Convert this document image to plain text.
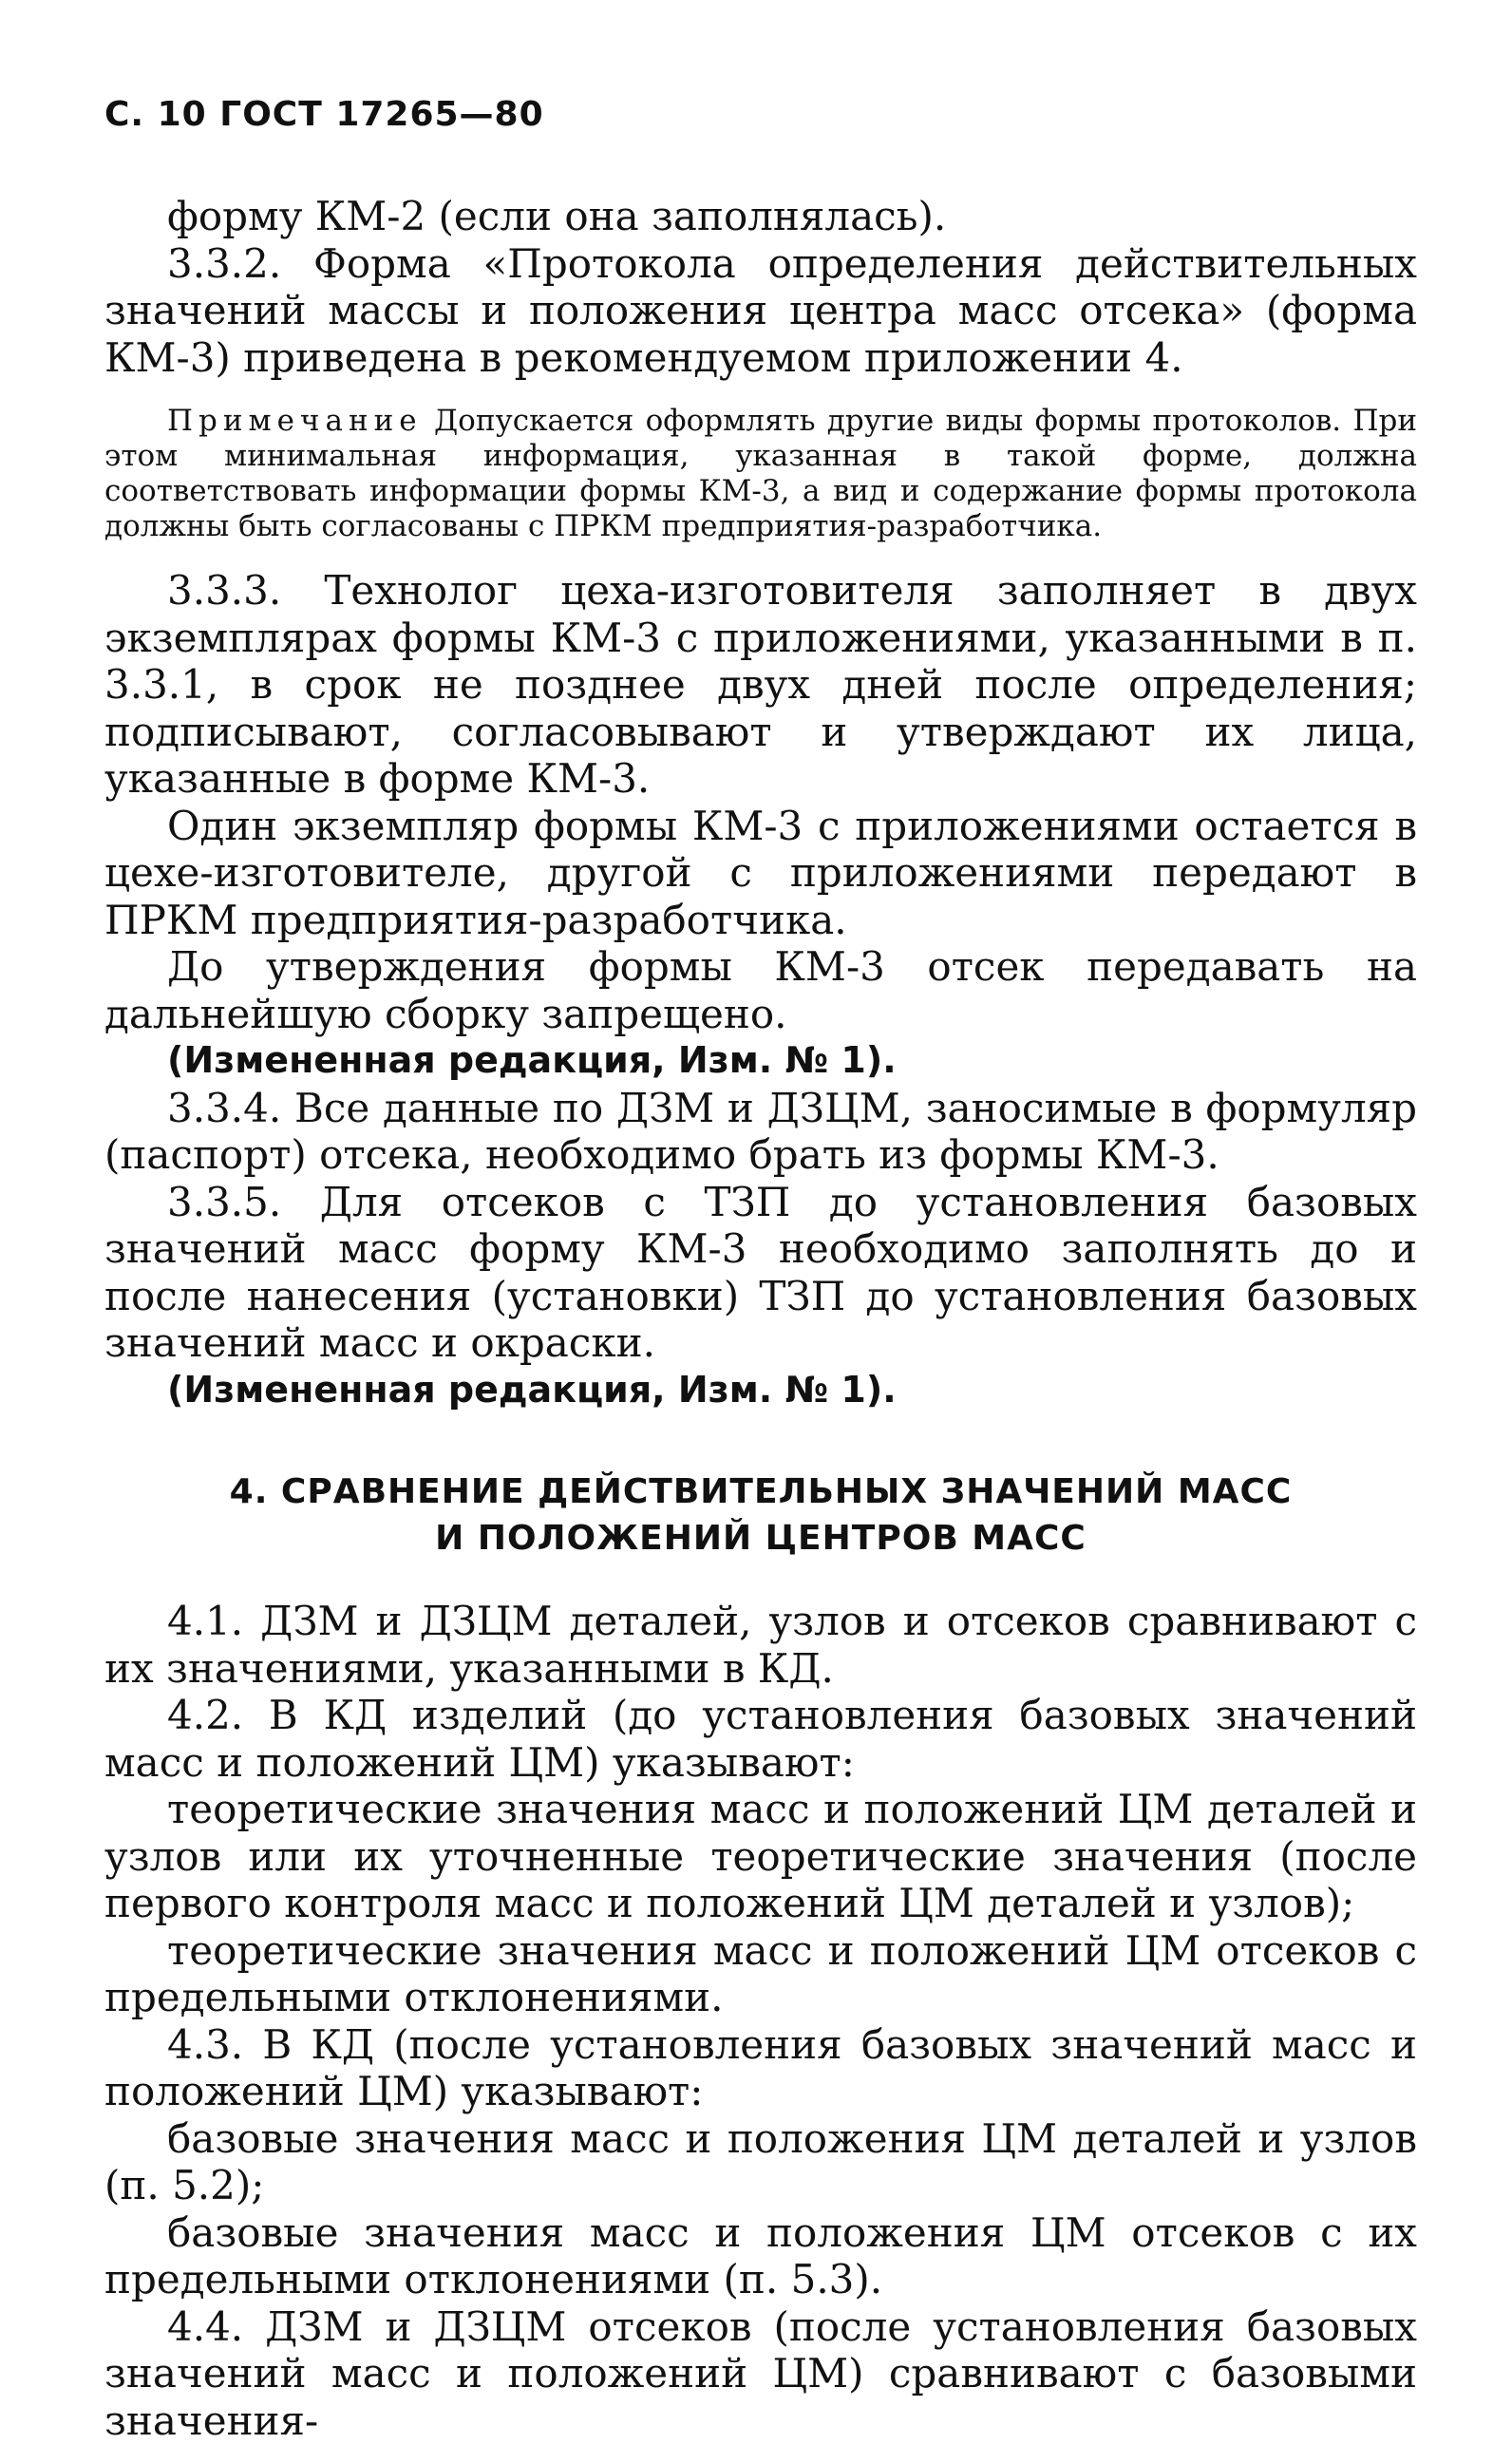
С. 10 ГОСТ 17265—80

форму КМ-2 (если она заполнялась).

3.3.2. Форма «Протокола определения действительных значений массы и положения центра масс отсека» (форма КМ-3) приведена в рекомендуемом приложении 4.

Примечание Допускается оформлять другие виды формы протоколов. При этом минимальная информация, указанная в такой форме, должна соответствовать информации формы КМ-3, а вид и содержание формы протокола должны быть согласованы с ПРКМ предприятия-разработчика.

3.3.3. Технолог цеха-изготовителя заполняет в двух экземплярах формы КМ-3 с приложениями, указанными в п. 3.3.1, в срок не позднее двух дней после определения; подписывают, согласовывают и утверждают их лица, указанные в форме КМ-3.

Один экземпляр формы КМ-3 с приложениями остается в цехе-изготовителе, другой с приложениями передают в ПРКМ предприятия-разработчика.

До утверждения формы КМ-3 отсек передавать на дальнейшую сборку запрещено.

(Измененная редакция, Изм. № 1).

3.3.4. Все данные по ДЗМ и ДЗЦМ, заносимые в формуляр (паспорт) отсека, необходимо брать из формы КМ-3.

3.3.5. Для отсеков с ТЗП до установления базовых значений масс форму КМ-3 необходимо заполнять до и после нанесения (установки) ТЗП до установления базовых значений масс и окраски.

(Измененная редакция, Изм. № 1).

4. СРАВНЕНИЕ ДЕЙСТВИТЕЛЬНЫХ ЗНАЧЕНИЙ МАСС
И ПОЛОЖЕНИЙ ЦЕНТРОВ МАСС

4.1. ДЗМ и ДЗЦМ деталей, узлов и отсеков сравнивают с их значениями, указанными в КД.

4.2. В КД изделий (до установления базовых значений масс и положений ЦМ) указывают:

теоретические значения масс и положений ЦМ деталей и узлов или их уточненные теоретические значения (после первого контроля масс и положений ЦМ деталей и узлов);

теоретические значения масс и положений ЦМ отсеков с предельными отклонениями.

4.3. В КД (после установления базовых значений масс и положений ЦМ) указывают:

базовые значения масс и положения ЦМ деталей и узлов (п. 5.2);

базовые значения масс и положения ЦМ отсеков с их предельными отклонениями (п. 5.3).

4.4. ДЗМ и ДЗЦМ отсеков (после установления базовых значений масс и положений ЦМ) сравнивают с базовыми значения-
